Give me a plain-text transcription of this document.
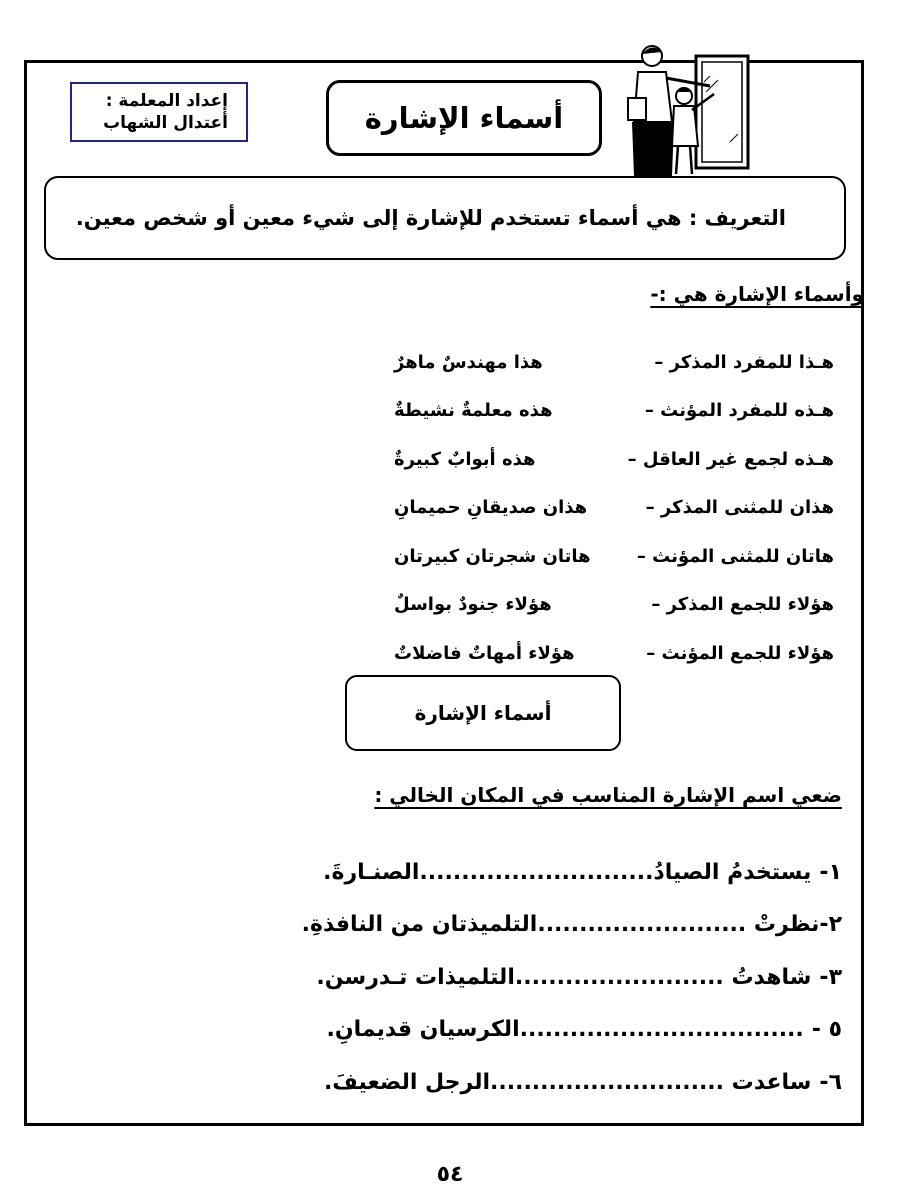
إعداد المعلمة :
أعتدال الشهاب	أسماء الإشارة
التعريف : هي أسماء تستخدم للإشارة إلى شيء معين أو شخص معين.
وأسماء الإشارة هي :-
هـذا للمفرد المذكر –
هذا مهندسٌ ماهرٌ
هـذه للمفرد المؤنث –
هذه معلمةٌ نشيطةٌ
هـذه لجمع غير العاقل –
هذه أبوابٌ كبيرةٌ
هذان للمثنى المذكر –
هذان صديقانِ حميمانِ
هاتان للمثنى المؤنث –
هاتان شجرتان كبيرتان
هؤلاء للجمع المذكر –
هؤلاء جنودٌ بواسلٌ
هؤلاء للجمع المؤنث –
هؤلاء أمهاتٌ فاضلاتٌ
أسماء الإشارة
ضعي اسم الإشارة المناسب في المكان الخالي :
١-
يستخدمُ الصيادُ............................الصنـارةَ.
٢-
نظرتْ .........................التلميذتان من النافذةِ.
٣-
شاهدتُ .........................التلميذات تـدرسن.
٥ -
..................................الكرسيان قديمانِ.
٦-
ساعدت ............................الرجل الضعيفَ.
٥٤
